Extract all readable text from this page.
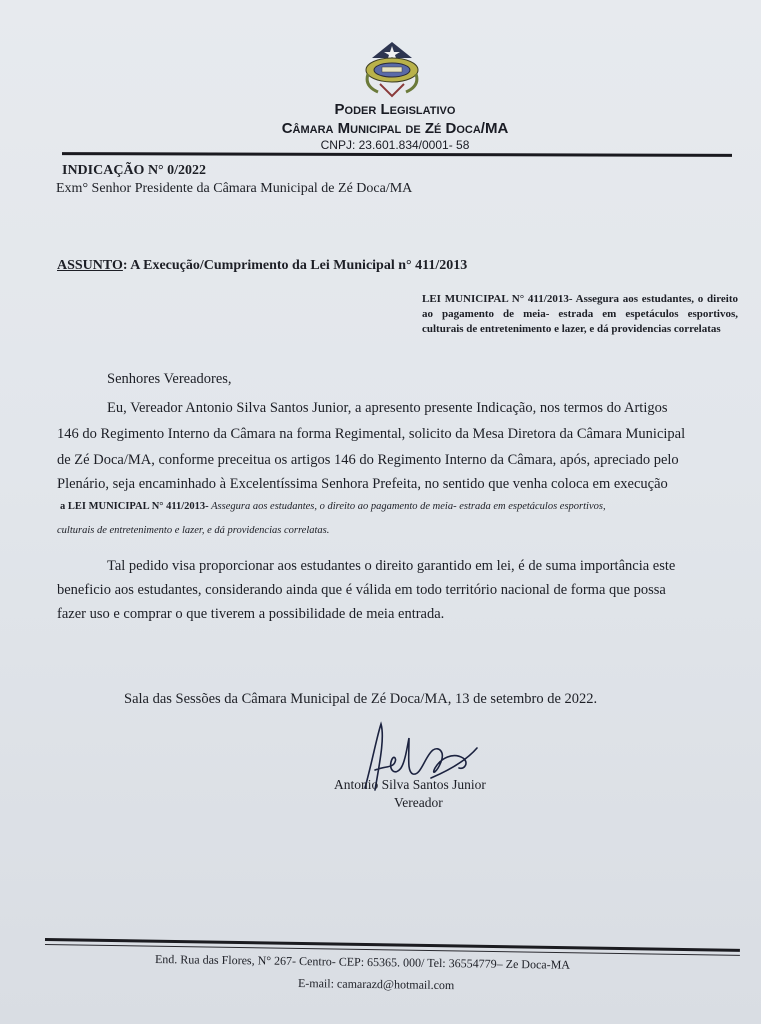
Poder Legislativo
Câmara Municipal de Zé Doca/MA
CNPJ: 23.601.834/0001- 58
INDICAÇÃO N° 0/2022
Exm° Senhor Presidente da Câmara Municipal de Zé Doca/MA
ASSUNTO: A Execução/Cumprimento da Lei Municipal n° 411/2013
LEI MUNICIPAL N° 411/2013- Assegura aos estudantes, o direito ao pagamento de meia- estrada em espetáculos esportivos, culturais de entretenimento e lazer, e dá providencias correlatas
Senhores Vereadores,
Eu, Vereador Antonio Silva Santos Junior, a apresento presente Indicação, nos termos do Artigos
146 do Regimento Interno da Câmara na forma Regimental, solicito da Mesa Diretora da Câmara Municipal
de Zé Doca/MA, conforme preceitua os artigos 146 do Regimento Interno da Câmara, após, apreciado pelo
Plenário, seja encaminhado à Excelentíssima Senhora Prefeita, no sentido que venha coloca em execução
a LEI MUNICIPAL N° 411/2013- Assegura aos estudantes, o direito ao pagamento de meia- estrada em espetáculos esportivos,
culturais de entretenimento e lazer, e dá providencias correlatas.
Tal pedido visa proporcionar aos estudantes o direito garantido em lei, é de suma importância este
beneficio aos estudantes, considerando ainda que é válida em todo território nacional de forma que possa
fazer uso e comprar o que tiverem a possibilidade de meia entrada.
Sala das Sessões da Câmara Municipal de Zé Doca/MA, 13 de setembro de 2022.
Antonio Silva Santos Junior
Vereador
End. Rua das Flores, N° 267- Centro- CEP: 65365. 000/ Tel: 36554779– Ze Doca-MA
E-mail: camarazd@hotmail.com
